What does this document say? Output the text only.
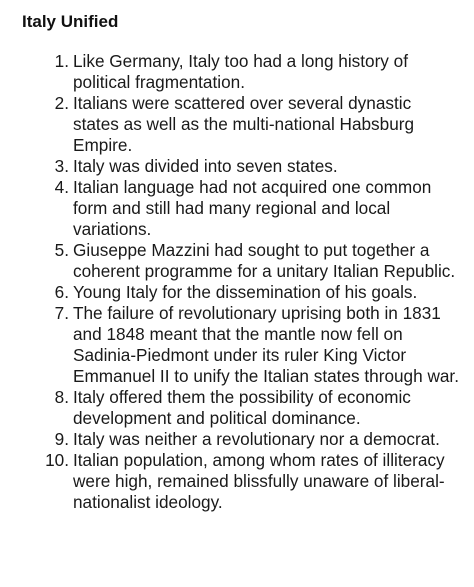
Italy Unified
1. Like Germany, Italy too had a long history of political fragmentation.
2. Italians were scattered over several dynastic states as well as the multi-national Habsburg Empire.
3. Italy was divided into seven states.
4. Italian language had not acquired one common form and still had many regional and local variations.
5. Giuseppe Mazzini had sought to put together a coherent programme for a unitary Italian Republic.
6. Young Italy for the dissemination of his goals.
7. The failure of revolutionary uprising both in 1831 and 1848 meant that the mantle now fell on Sadinia-Piedmont under its ruler King Victor Emmanuel II to unify the Italian states through war.
8. Italy offered them the possibility of economic development and political dominance.
9. Italy was neither a revolutionary nor a democrat.
10. Italian population, among whom rates of illiteracy were high, remained blissfully unaware of liberal-nationalist ideology.
